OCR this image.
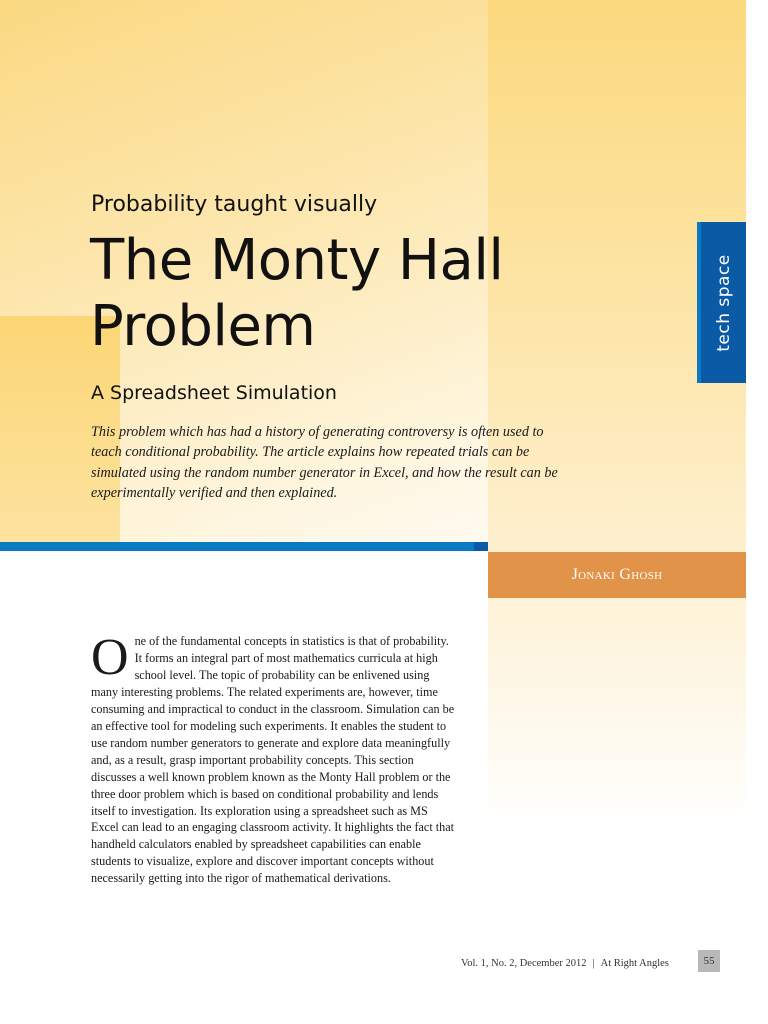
tech space
Probability taught visually
The Monty Hall
Problem
A Spreadsheet Simulation
This problem which has had a history of generating controversy is often used to teach conditional probability. The article explains how repeated trials can be simulated using the random number generator in Excel, and how the result can be experimentally verified and then explained.
Jonaki Ghosh
One of the fundamental concepts in statistics is that of probability. It forms an integral part of most mathematics curricula at high school level. The topic of probability can be enlivened using many interesting problems. The related experiments are, however, time consuming and impractical to conduct in the classroom. Simulation can be an effective tool for modeling such experiments. It enables the student to use random number generators to generate and explore data meaningfully and, as a result, grasp important probability concepts. This section discusses a well known problem known as the Monty Hall problem or the three door problem which is based on conditional probability and lends itself to investigation. Its exploration using a spreadsheet such as MS Excel can lead to an engaging classroom activity. It highlights the fact that handheld calculators enabled by spreadsheet capabilities can enable students to visualize, explore and discover important concepts without necessarily getting into the rigor of mathematical derivations.
Vol. 1, No. 2, December 2012 | At Right Angles	55
